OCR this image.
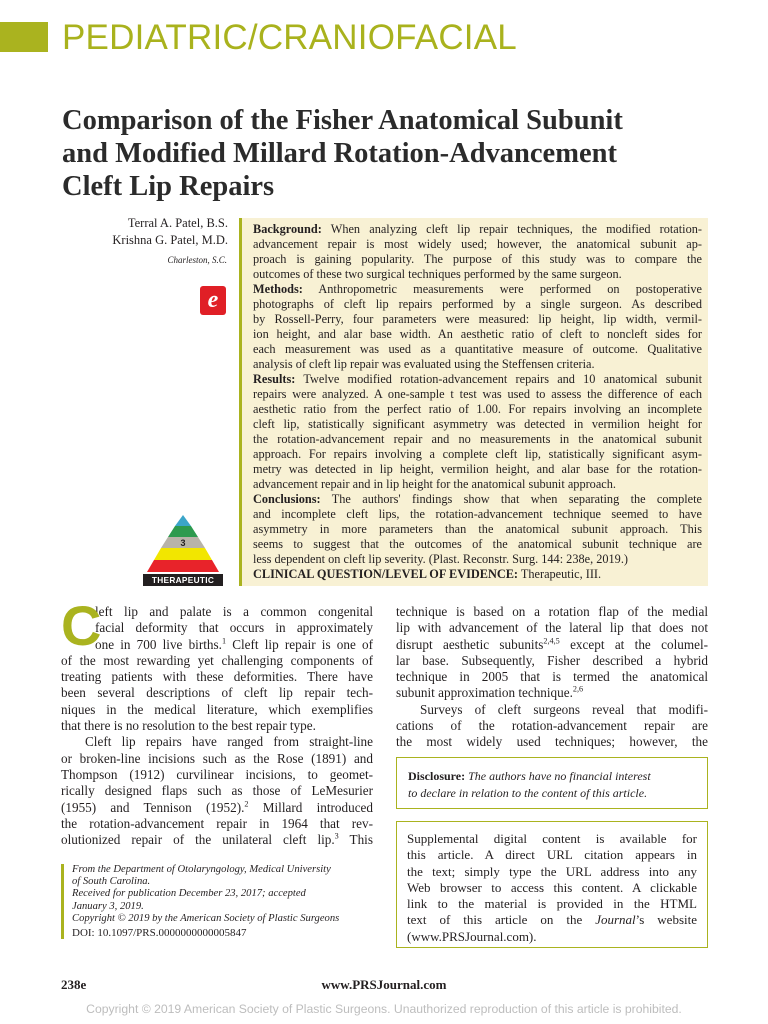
PEDIATRIC/CRANIOFACIAL
Comparison of the Fisher Anatomical Subunit
and Modified Millard Rotation-Advancement
Cleft Lip Repairs
Terral A. Patel, B.S.
Krishna G. Patel, M.D.
Charleston, S.C.
e
3
THERAPEUTIC
Background: When analyzing cleft lip repair techniques, the modified rotation-
advancement repair is most widely used; however, the anatomical subunit ap-
proach is gaining popularity. The purpose of this study was to compare the
outcomes of these two surgical techniques performed by the same surgeon.
Methods: Anthropometric measurements were performed on postoperative
photographs of cleft lip repairs performed by a single surgeon. As described
by Rossell-Perry, four parameters were measured: lip height, lip width, vermil-
ion height, and alar base width. An aesthetic ratio of cleft to noncleft sides for
each measurement was used as a quantitative measure of outcome. Qualitative
analysis of cleft lip repair was evaluated using the Steffensen criteria.
Results: Twelve modified rotation-advancement repairs and 10 anatomical subunit
repairs were analyzed. A one-sample t test was used to assess the difference of each
aesthetic ratio from the perfect ratio of 1.00. For repairs involving an incomplete
cleft lip, statistically significant asymmetry was detected in vermilion height for
the rotation-advancement repair and no measurements in the anatomical subunit
approach. For repairs involving a complete cleft lip, statistically significant asym-
metry was detected in lip height, vermilion height, and alar base for the rotation-
advancement repair and in lip height for the anatomical subunit approach.
Conclusions: The authors' findings show that when separating the complete
and incomplete cleft lips, the rotation-advancement technique seemed to have
asymmetry in more parameters than the anatomical subunit approach. This
seems to suggest that the outcomes of the anatomical subunit technique are
less dependent on cleft lip severity. (Plast. Reconstr. Surg. 144: 238e, 2019.)
CLINICAL QUESTION/LEVEL OF EVIDENCE: Therapeutic, III.
C
left lip and palate is a common congenital
facial deformity that occurs in approximately
one in 700 live births.$^1$ Cleft lip repair is one of
of the most rewarding yet challenging components of
treating patients with these deformities. There have
been several descriptions of cleft lip repair tech-
niques in the medical literature, which exemplifies
that there is no resolution to the best repair type.
Cleft lip repairs have ranged from straight-line
or broken-line incisions such as the Rose (1891) and
Thompson (1912) curvilinear incisions, to geomet-
rically designed flaps such as those of LeMesurier
(1955) and Tennison (1952).$^2$ Millard introduced
the rotation-advancement repair in 1964 that rev-
olutionized repair of the unilateral cleft lip.$^3$ This
technique is based on a rotation flap of the medial
lip with advancement of the lateral lip that does not
disrupt aesthetic subunits$^{2,4,5}$ except at the columel-
lar base. Subsequently, Fisher described a hybrid
technique in 2005 that is termed the anatomical
subunit approximation technique.$^{2,6}$
Surveys of cleft surgeons reveal that modifi-
cations of the rotation-advancement repair are
the most widely used techniques; however, the
Disclosure: The authors have no financial interest
to declare in relation to the content of this article.
Supplemental digital content is available for
this article. A direct URL citation appears in
the text; simply type the URL address into any
Web browser to access this content. A clickable
link to the material is provided in the HTML
text of this article on the Journal’s website
(www.PRSJournal.com).
From the Department of Otolaryngology, Medical University
of South Carolina.
Received for publication December 23, 2017; accepted
January 3, 2019.
Copyright © 2019 by the American Society of Plastic Surgeons
DOI: 10.1097/PRS.0000000000005847
238e	www.PRSJournal.com
Copyright © 2019 American Society of Plastic Surgeons. Unauthorized reproduction of this article is prohibited.
